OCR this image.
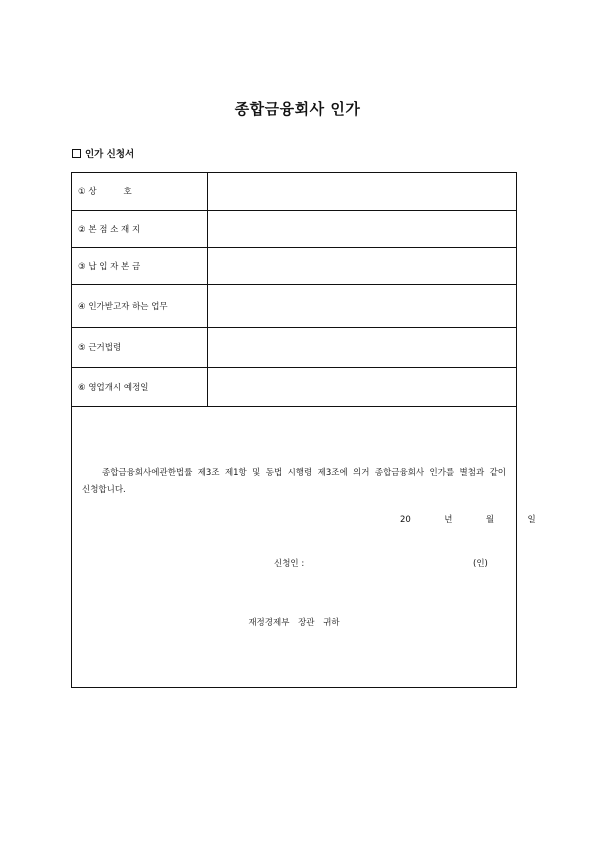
종합금융회사 인가
인가 신청서
① 상          호	
② 본 점 소 재 지	
③ 납 입 자 본 금	
④ 인가받고자 하는 업무	
⑤ 근거법령	
⑥ 영업개시 예정일	
종합금융회사에관한법률 제3조 제1항 및 동법 시행령 제3조에 의거 종합금융회사 인가를 별첨과 같이 신청합니다.
20  년  월  일
신청인 :	(인)
재정경제부 장관 귀하
